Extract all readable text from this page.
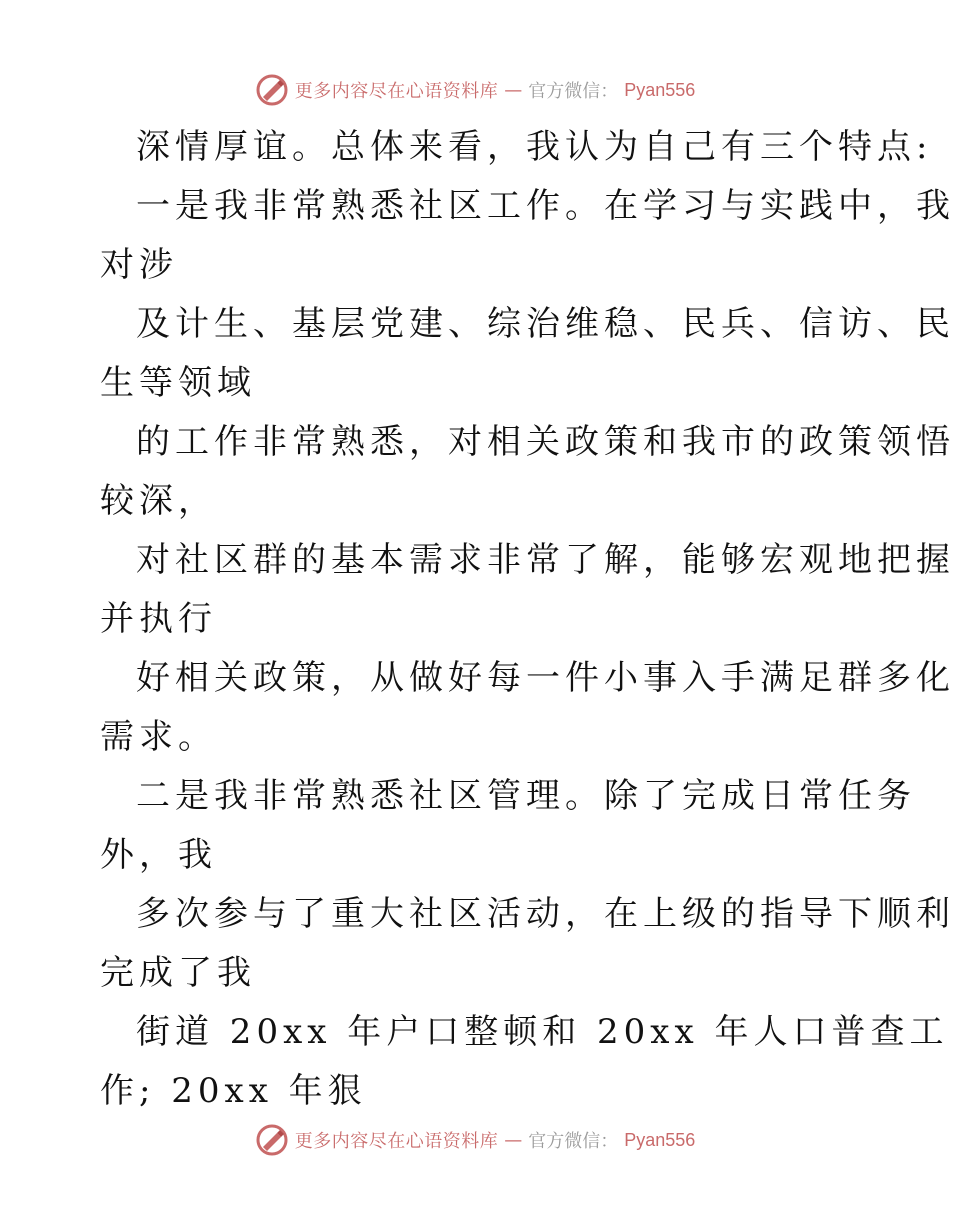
更多内容尽在心语资料库 — 官方微信： Pyan556
深情厚谊。总体来看，我认为自己有三个特点:
一是我非常熟悉社区工作。在学习与实践中，我
对涉
及计生、基层党建、综治维稳、民兵、信访、民
生等领域
的工作非常熟悉，对相关政策和我市的政策领悟
较深，
对社区群的基本需求非常了解，能够宏观地把握
并执行
好相关政策，从做好每一件小事入手满足群多化
需求。
二是我非常熟悉社区管理。除了完成日常任务
外，我
多次参与了重大社区活动，在上级的指导下顺利
完成了我
街道 20xx 年户口整顿和 20xx 年人口普查工
作; 20xx 年狠
更多内容尽在心语资料库 — 官方微信： Pyan556
